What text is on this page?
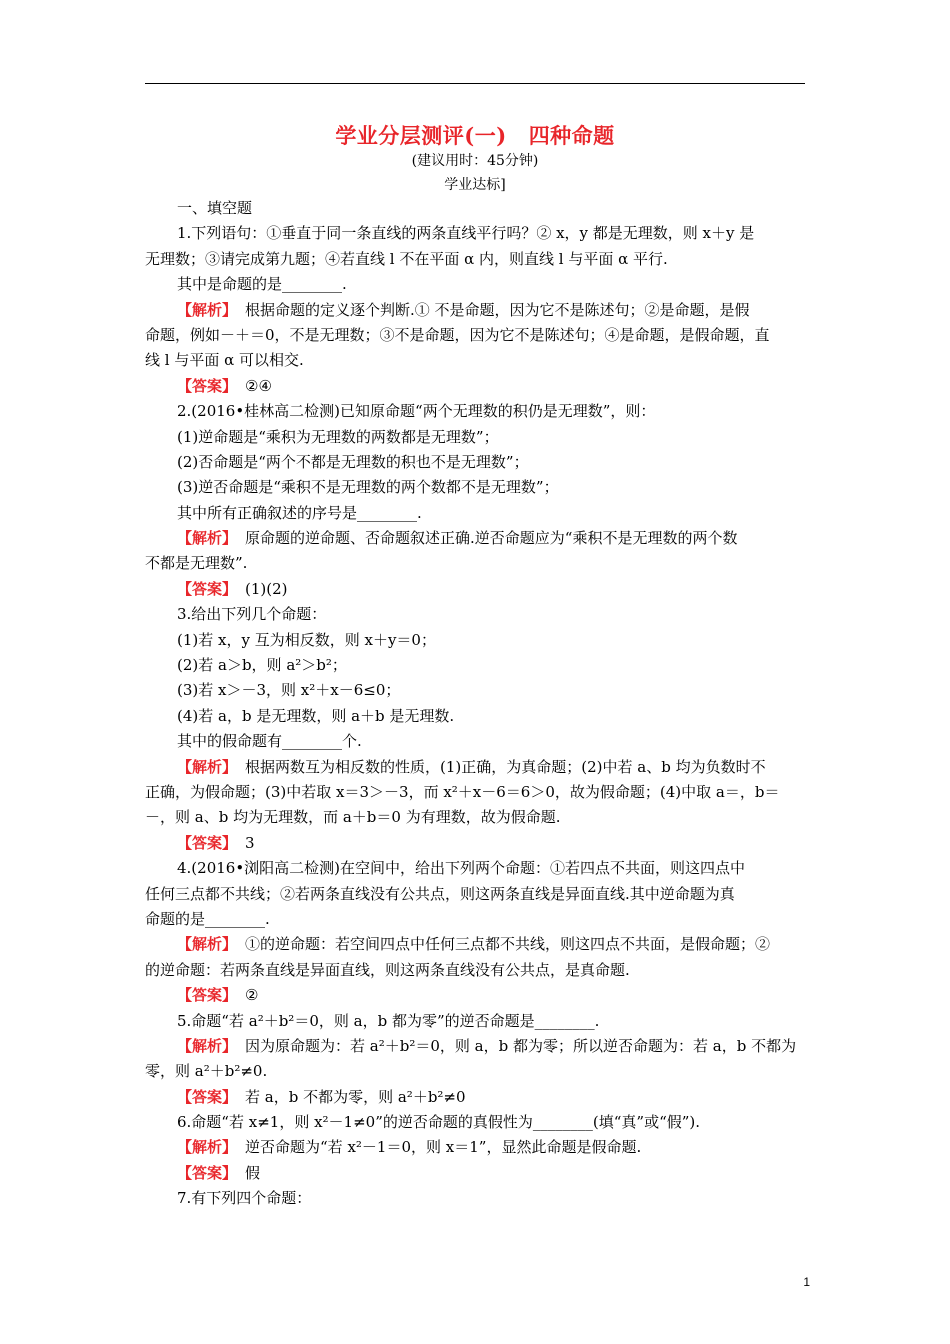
学业分层测评(一) 四种命题
(建议用时：45分钟)
学业达标]
一、填空题
1.下列语句：①垂直于同一条直线的两条直线平行吗？② x，y 都是无理数，则 x＋y 是
无理数；③请完成第九题；④若直线 l 不在平面 α 内，则直线 l 与平面 α 平行.
其中是命题的是________.
【解析】 根据命题的定义逐个判断.① 不是命题，因为它不是陈述句；②是命题，是假
命题，例如－＋＝0，不是无理数；③不是命题，因为它不是陈述句；④是命题，是假命题，直
线 l 与平面 α 可以相交.
【答案】 ②④
2.(2016•桂林高二检测)已知原命题“两个无理数的积仍是无理数”，则：
(1)逆命题是“乘积为无理数的两数都是无理数”；
(2)否命题是“两个不都是无理数的积也不是无理数”；
(3)逆否命题是“乘积不是无理数的两个数都不是无理数”；
其中所有正确叙述的序号是________.
【解析】 原命题的逆命题、否命题叙述正确.逆否命题应为“乘积不是无理数的两个数
不都是无理数”.
【答案】 (1)(2)
3.给出下列几个命题：
(1)若 x，y 互为相反数，则 x＋y＝0；
(2)若 a＞b，则 a²＞b²；
(3)若 x＞－3，则 x²＋x－6≤0；
(4)若 a，b 是无理数，则 a＋b 是无理数.
其中的假命题有________个.
【解析】 根据两数互为相反数的性质，(1)正确，为真命题；(2)中若 a、b 均为负数时不
正确，为假命题；(3)中若取 x＝3＞－3，而 x²＋x－6＝6＞0，故为假命题；(4)中取 a＝，b＝
－，则 a、b 均为无理数，而 a＋b＝0 为有理数，故为假命题.
【答案】 3
4.(2016•浏阳高二检测)在空间中，给出下列两个命题：①若四点不共面，则这四点中
任何三点都不共线；②若两条直线没有公共点，则这两条直线是异面直线.其中逆命题为真
命题的是________.
【解析】 ①的逆命题：若空间四点中任何三点都不共线，则这四点不共面，是假命题；②
的逆命题：若两条直线是异面直线，则这两条直线没有公共点，是真命题.
【答案】 ②
5.命题“若 a²＋b²＝0，则 a，b 都为零”的逆否命题是________.
【解析】 因为原命题为：若 a²＋b²＝0，则 a，b 都为零；所以逆否命题为：若 a，b 不都为
零，则 a²＋b²≠0.
【答案】 若 a，b 不都为零，则 a²＋b²≠0
6.命题“若 x≠1，则 x²－1≠0”的逆否命题的真假性为________(填“真”或“假”).
【解析】 逆否命题为“若 x²－1＝0，则 x＝1”，显然此命题是假命题.
【答案】 假
7.有下列四个命题：
1
